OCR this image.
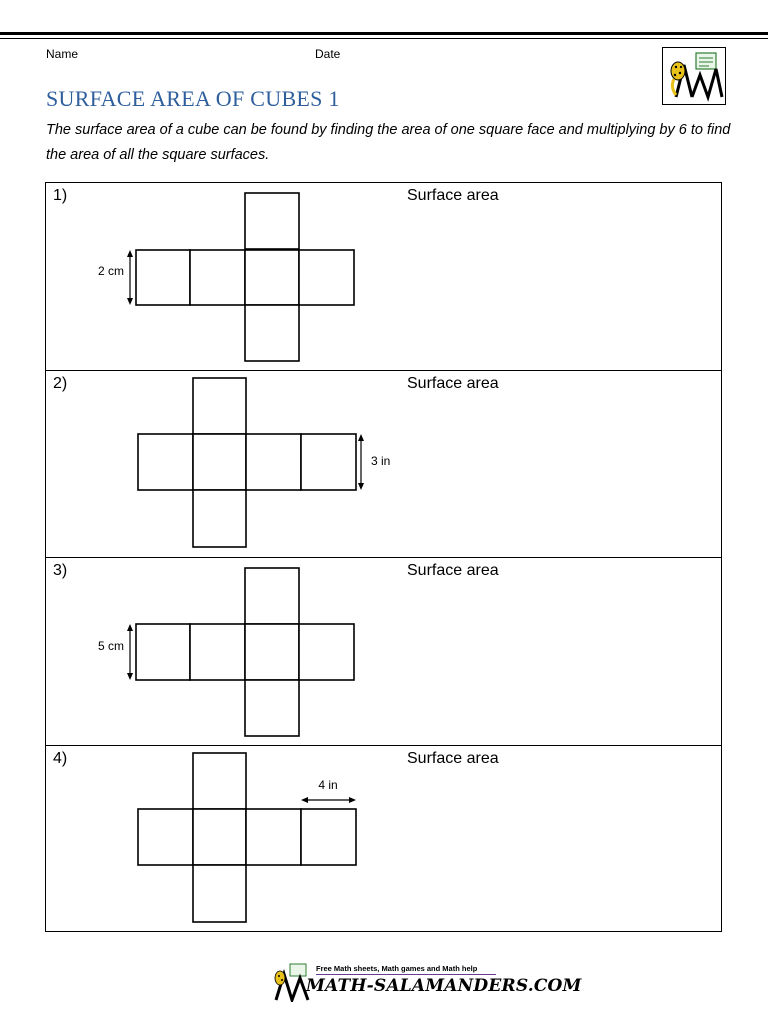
Name	Date
SURFACE AREA OF CUBES 1

The surface area of a cube can be found by finding the area of one square face and multiplying by 6 to find the area of all the square surfaces.

1)	Surface area
2 cm
2)	Surface area
3 in
3)	Surface area
5 cm
4)	Surface area
4 in
Free Math sheets, Math games and Math help
MATH-SALAMANDERS.COM
